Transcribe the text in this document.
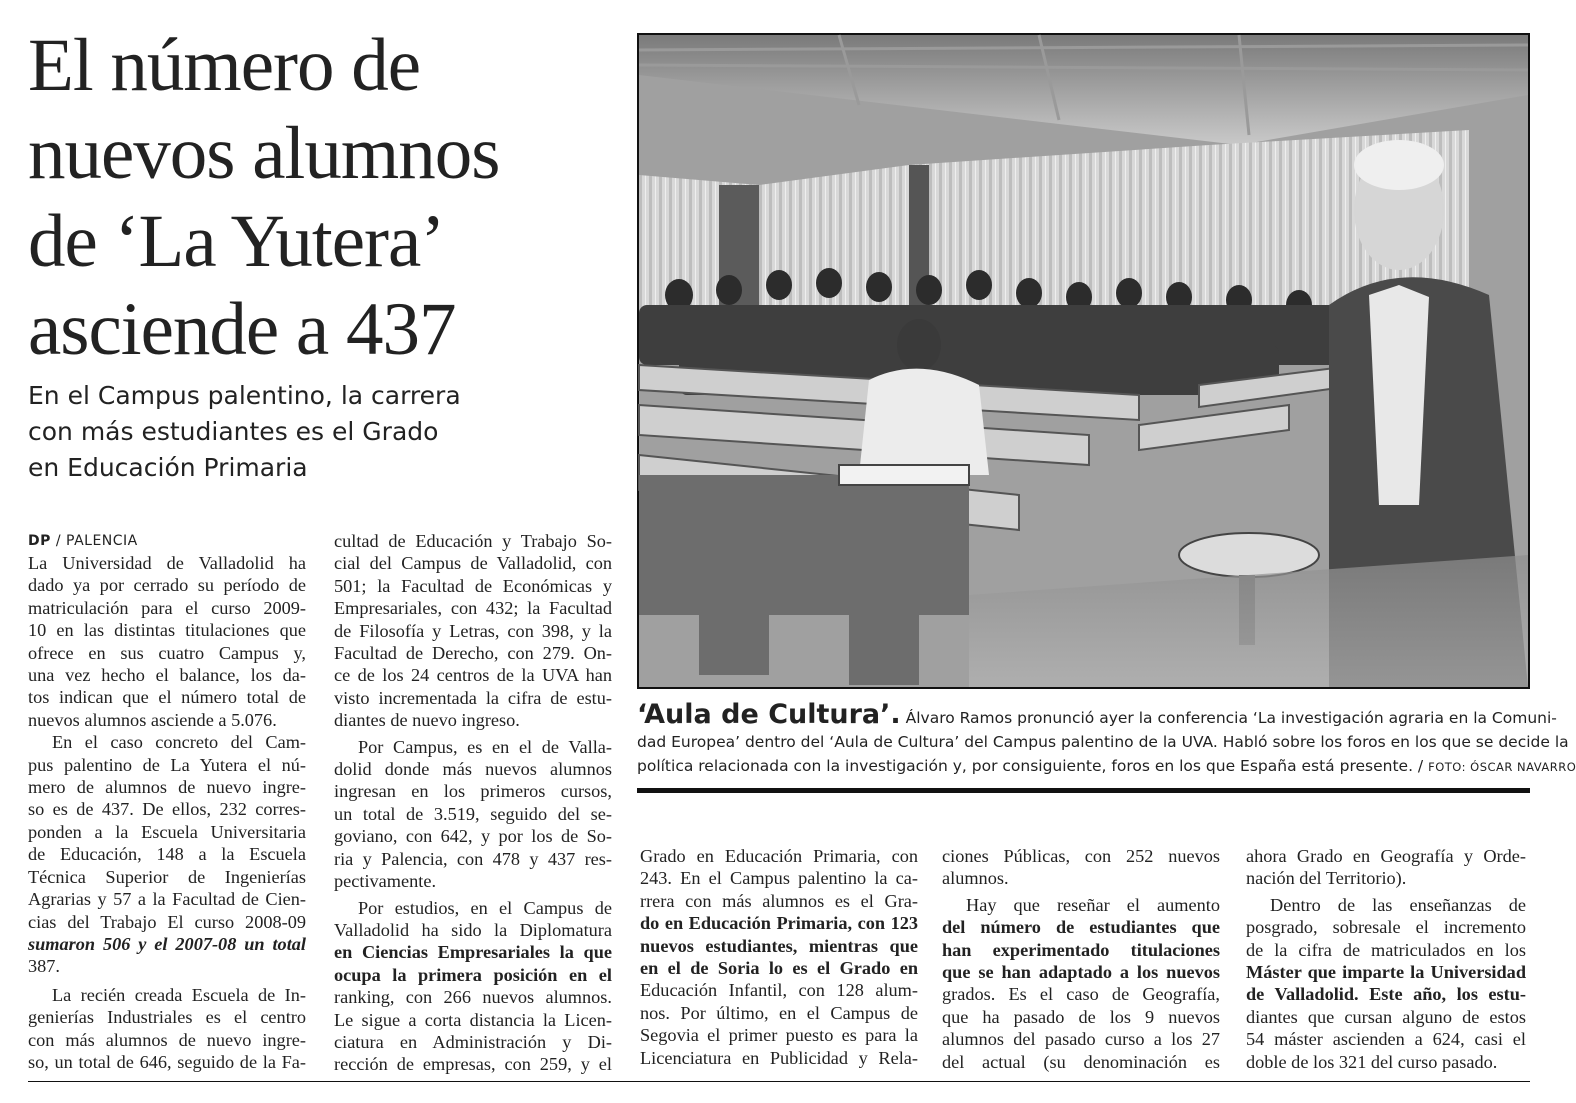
El número de
nuevos alumnos
de ‘La Yutera’
asciende a 437
En el Campus palentino, la carrera
con más estudiantes es el Grado
en Educación Primaria
DP / PALENCIA
La Universidad de Valladolid ha
dado ya por cerrado su período de
matriculación para el curso 2009-
10 en las distintas titulaciones que
ofrece en sus cuatro Campus y,
una vez hecho el balance, los da-
tos indican que el número total de
nuevos alumnos asciende a 5.076.
En el caso concreto del Cam-
pus palentino de La Yutera el nú-
mero de alumnos de nuevo ingre-
so es de 437. De ellos, 232 corres-
ponden a la Escuela Universitaria
de Educación, 148 a la Escuela
Técnica Superior de Ingenierías
Agrarias y 57 a la Facultad de Cien-
cias del Trabajo El curso 2008-09
sumaron 506 y el 2007-08 un total
387.
La recién creada Escuela de In-
genierías Industriales es el centro
con más alumnos de nuevo ingre-
so, un total de 646, seguido de la Fa-
cultad de Educación y Trabajo So-
cial del Campus de Valladolid, con
501; la Facultad de Económicas y
Empresariales, con 432; la Facultad
de Filosofía y Letras, con 398, y la
Facultad de Derecho, con 279. On-
ce de los 24 centros de la UVA han
visto incrementada la cifra de estu-
diantes de nuevo ingreso.
Por Campus, es en el de Valla-
dolid donde más nuevos alumnos
ingresan en los primeros cursos,
un total de 3.519, seguido del se-
goviano, con 642, y por los de So-
ria y Palencia, con 478 y 437 res-
pectivamente.
Por estudios, en el Campus de
Valladolid ha sido la Diplomatura
en Ciencias Empresariales la que
ocupa la primera posición en el
ranking, con 266 nuevos alumnos.
Le sigue a corta distancia la Licen-
ciatura en Administración y Di-
rección de empresas, con 259, y el
‘Aula de Cultura’. Álvaro Ramos pronunció ayer la conferencia ‘La investigación agraria en la Comuni-
dad Europea’ dentro del ‘Aula de Cultura’ del Campus palentino de la UVA. Habló sobre los foros en los que se decide la
política relacionada con la investigación y, por consiguiente, foros en los que España está presente. / FOTO: ÓSCAR NAVARRO
Grado en Educación Primaria, con
243. En el Campus palentino la ca-
rrera con más alumnos es el Gra-
do en Educación Primaria, con 123
nuevos estudiantes, mientras que
en el de Soria lo es el Grado en
Educación Infantil, con 128 alum-
nos. Por último, en el Campus de
Segovia el primer puesto es para la
Licenciatura en Publicidad y Rela-
ciones Públicas, con 252 nuevos
alumnos.
Hay que reseñar el aumento
del número de estudiantes que
han experimentado titulaciones
que se han adaptado a los nuevos
grados. Es el caso de Geografía,
que ha pasado de los 9 nuevos
alumnos del pasado curso a los 27
del actual (su denominación es
ahora Grado en Geografía y Orde-
nación del Territorio).
Dentro de las enseñanzas de
posgrado, sobresale el incremento
de la cifra de matriculados en los
Máster que imparte la Universidad
de Valladolid. Este año, los estu-
diantes que cursan alguno de estos
54 máster ascienden a 624, casi el
doble de los 321 del curso pasado.
